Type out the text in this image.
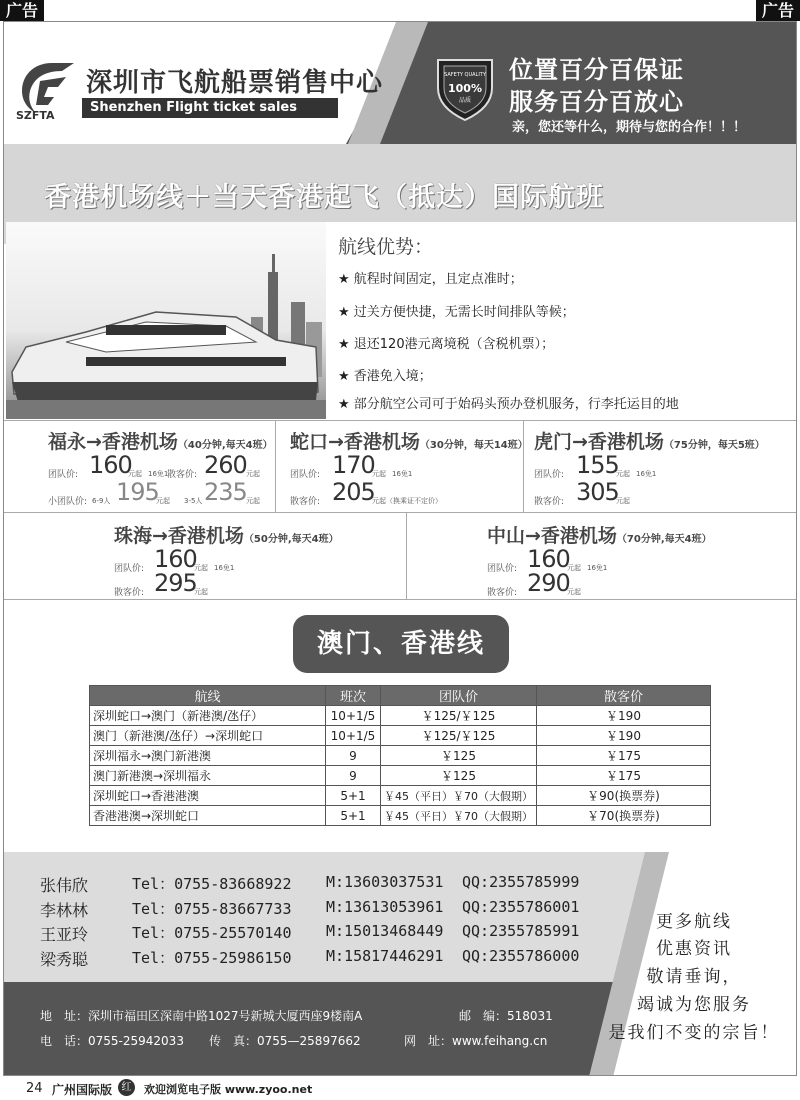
广告	广告
SZFTA
深圳市飞航船票销售中心
Shenzhen Flight ticket sales center
SAFETY QUALITY
100%
品质
位置百分百保证
服务百分百放心
亲，您还等什么，期待与您的合作！！！
香港机场线＋当天香港起飞（抵达）国际航班
航线优势：
★ 航程时间固定，且定点准时；
★ 过关方便快捷，无需长时间排队等候；
★ 退还120港元离境税（含税机票）；
★ 香港免入境；
★ 部分航空公司可于始码头预办登机服务，行李托运目的地
福永→香港机场（40分钟,每天4班）
团队价: 160
元起 16免1
散客价: 260 元起
小团队价: 6-9人 195
元起 3-5人 235 元起
蛇口→香港机场（30分钟，每天14班）
团队价: 170
元起 16免1
散客价: 205
元起（换乘证不定价）
虎门→香港机场（75分钟，每天5班）
团队价: 155
元起 16免1
散客价: 305
元起
珠海→香港机场（50分钟,每天4班）
团队价: 160
元起 16免1
散客价: 295
元起
中山→香港机场（70分钟,每天4班）
团队价: 160
元起 16免1
散客价: 290
元起
澳门、香港线
航线	班次	团队价	散客价
深圳蛇口→澳门（新港澳/氹仔）	10+1/5	￥125/￥125	￥190
澳门（新港澳/氹仔）→深圳蛇口	10+1/5	￥125/￥125	￥190
深圳福永→澳门新港澳	9	￥125	￥175
澳门新港澳→深圳福永	9	￥125	￥175
深圳蛇口→香港港澳	5+1	￥45（平日）￥70（大假期）	￥90(换票券)
香港港澳→深圳蛇口	5+1	￥45（平日）￥70（大假期）	￥70(换票券)
张伟欣	Tel：0755-83668922 M:13603037531 QQ:2355785999
李林林	Tel：0755-83667733 M:13613053961 QQ:2355786001
王亚玲	Tel：0755-25570140 M:15013468449 QQ:2355785991
梁秀聪	Tel：0755-25986150 M:15817446291 QQ:2355786000
更多航线
优惠资讯
敬请垂询，
竭诚为您服务
是我们不变的宗旨！
地　址：深圳市福田区深南中路1027号新城大厦西座9楼南A	邮　编：518031
电　话：0755-25942033 传　真：0755—25897662	网　址：www.feihang.cn
24 广州国际版 红	欢迎浏览电子版 www.zyoo.net
